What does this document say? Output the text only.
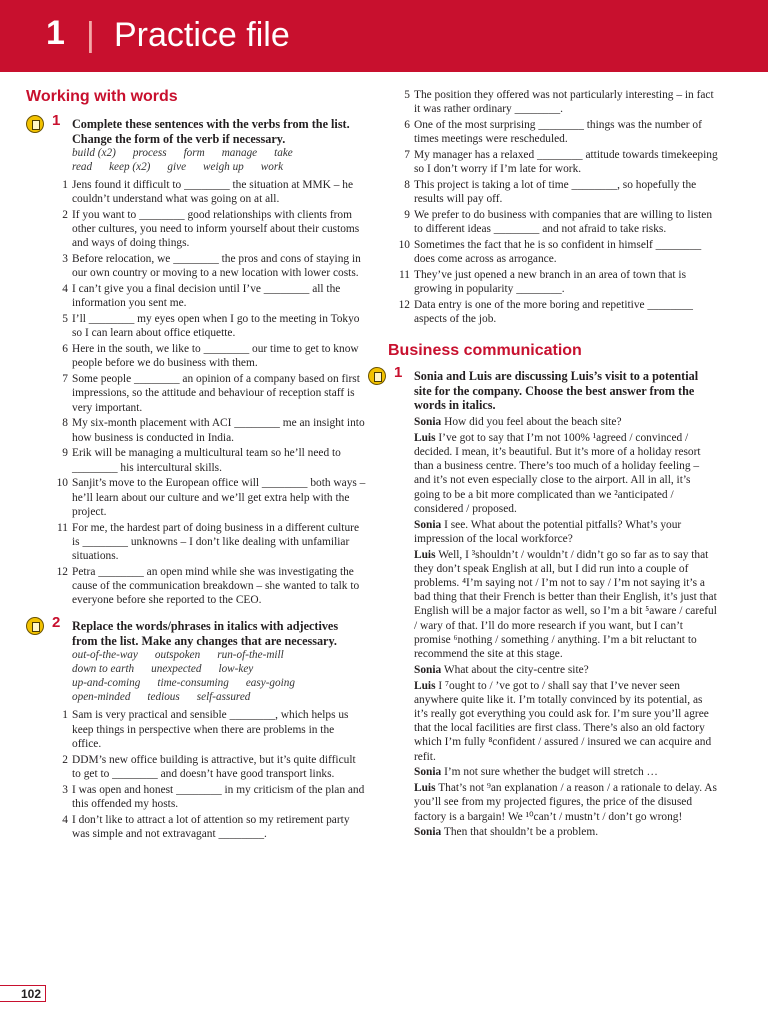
1 | Practice file
Working with words
1 Complete these sentences with the verbs from the list. Change the form of the verb if necessary.
build (x2) process form manage take
read keep (x2) give weigh up work
1 Jens found it difficult to ________ the situation at MMK – he couldn’t understand what was going on at all.
2 If you want to ________ good relationships with clients from other cultures, you need to inform yourself about their customs and ways of doing things.
3 Before relocation, we ________ the pros and cons of staying in our own country or moving to a new location with lower costs.
4 I can’t give you a final decision until I’ve ________ all the information you sent me.
5 I’ll ________ my eyes open when I go to the meeting in Tokyo so I can learn about office etiquette.
6 Here in the south, we like to ________ our time to get to know people before we do business with them.
7 Some people ________ an opinion of a company based on first impressions, so the attitude and behaviour of reception staff is very important.
8 My six-month placement with ACI ________ me an insight into how business is conducted in India.
9 Erik will be managing a multicultural team so he’ll need to ________ his intercultural skills.
10 Sanjit’s move to the European office will ________ both ways – he’ll learn about our culture and we’ll get extra help with the project.
11 For me, the hardest part of doing business in a different culture is ________ unknowns – I don’t like dealing with unfamiliar situations.
12 Petra ________ an open mind while she was investigating the cause of the communication breakdown – she wanted to talk to everyone before she reported to the CEO.
2 Replace the words/phrases in italics with adjectives from the list. Make any changes that are necessary.
out-of-the-way outspoken run-of-the-mill
down to earth unexpected low-key
up-and-coming time-consuming easy-going
open-minded tedious self-assured
1 Sam is very practical and sensible ________, which helps us keep things in perspective when there are problems in the office.
2 DDM’s new office building is attractive, but it’s quite difficult to get to ________ and doesn’t have good transport links.
3 I was open and honest ________ in my criticism of the plan and this offended my hosts.
4 I don’t like to attract a lot of attention so my retirement party was simple and not extravagant ________.
5 The position they offered was not particularly interesting – in fact it was rather ordinary ________.
6 One of the most surprising ________ things was the number of times meetings were rescheduled.
7 My manager has a relaxed ________ attitude towards timekeeping so I don’t worry if I’m late for work.
8 This project is taking a lot of time ________, so hopefully the results will pay off.
9 We prefer to do business with companies that are willing to listen to different ideas ________ and not afraid to take risks.
10 Sometimes the fact that he is so confident in himself ________ does come across as arrogance.
11 They’ve just opened a new branch in an area of town that is growing in popularity ________.
12 Data entry is one of the more boring and repetitive ________ aspects of the job.
Business communication
1 Sonia and Luis are discussing Luis’s visit to a potential site for the company. Choose the best answer from the words in italics.
Sonia How did you feel about the beach site?
Luis I’ve got to say that I’m not 100% ¹agreed / convinced / decided. I mean, it’s beautiful. But it’s more of a holiday resort than a business centre. There’s too much of a holiday feeling – and it’s not even especially close to the airport. All in all, it’s going to be a bit more complicated than we ²anticipated / considered / proposed.
Sonia I see. What about the potential pitfalls? What’s your impression of the local workforce?
Luis Well, I ³shouldn’t / wouldn’t / didn’t go so far as to say that they don’t speak English at all, but I did run into a couple of problems. ⁴I’m saying not / I’m not to say / I’m not saying it’s a bad thing that their French is better than their English, it’s just that English will be a major factor as well, so I’m a bit ⁵aware / careful / wary of that. I’ll do more research if you want, but I can’t promise ⁶nothing / something / anything. I’m a bit reluctant to recommend the site at this stage.
Sonia What about the city-centre site?
Luis I ⁷ought to / ’ve got to / shall say that I’ve never seen anywhere quite like it. I’m totally convinced by its potential, as it’s really got everything you could ask for. I’m sure you’ll agree that the local facilities are first class. There’s also an old factory which I’m fully ⁸confident / assured / insured we can acquire and refit.
Sonia I’m not sure whether the budget will stretch …
Luis That’s not ⁹an explanation / a reason / a rationale to delay. As you’ll see from my projected figures, the price of the disused factory is a bargain! We ¹⁰can’t / mustn’t / don’t go wrong!
Sonia Then that shouldn’t be a problem.
102
